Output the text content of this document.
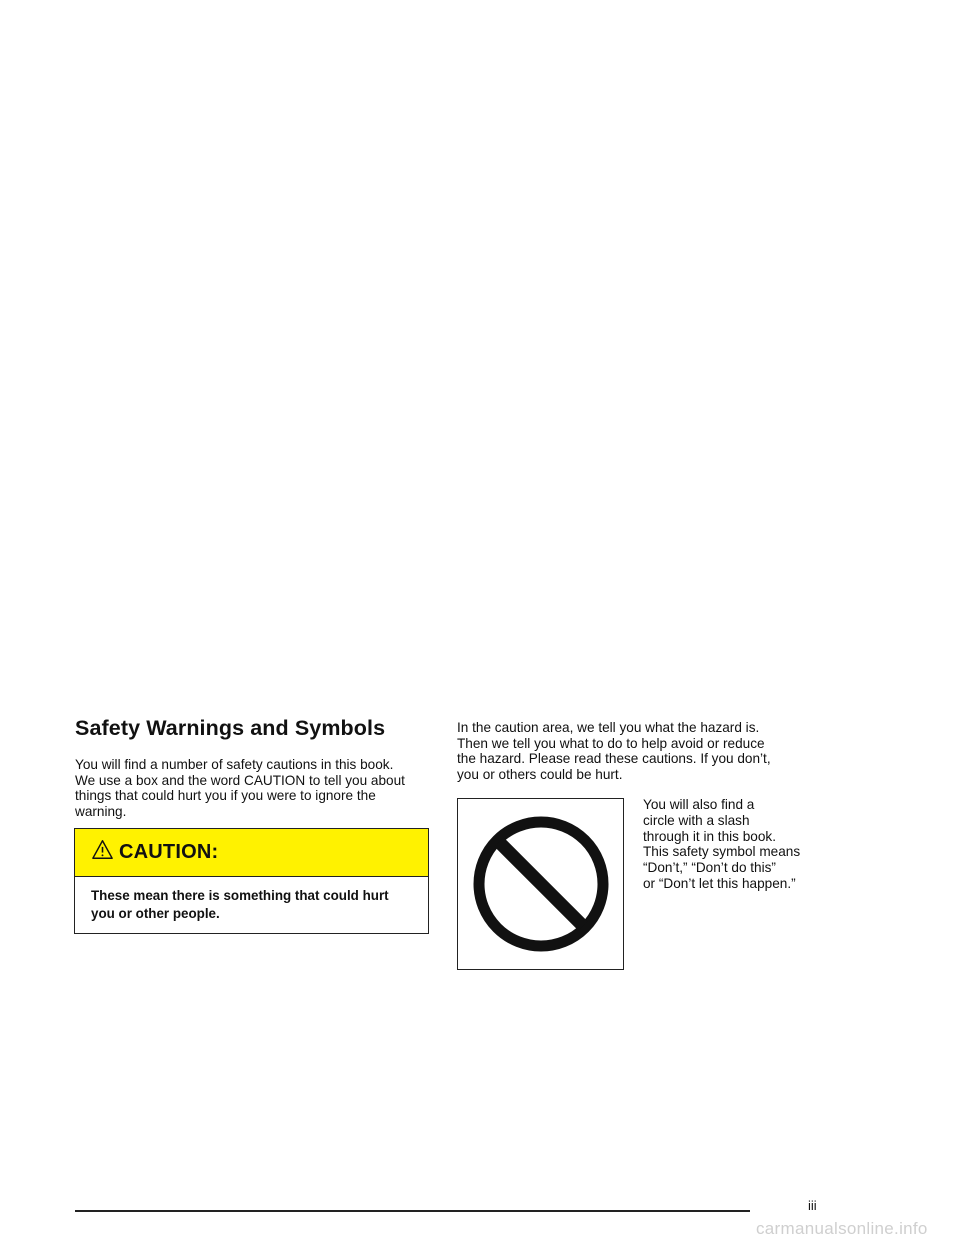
Safety Warnings and Symbols
You will find a number of safety cautions in this book.
We use a box and the word CAUTION to tell you about
things that could hurt you if you were to ignore the
warning.
CAUTION:
These mean there is something that could hurt
you or other people.
In the caution area, we tell you what the hazard is.
Then we tell you what to do to help avoid or reduce
the hazard. Please read these cautions. If you don’t,
you or others could be hurt.
You will also find a
circle with a slash
through it in this book.
This safety symbol means
“Don’t,” “Don’t do this”
or “Don’t let this happen.”
iii
carmanualsonline.info
